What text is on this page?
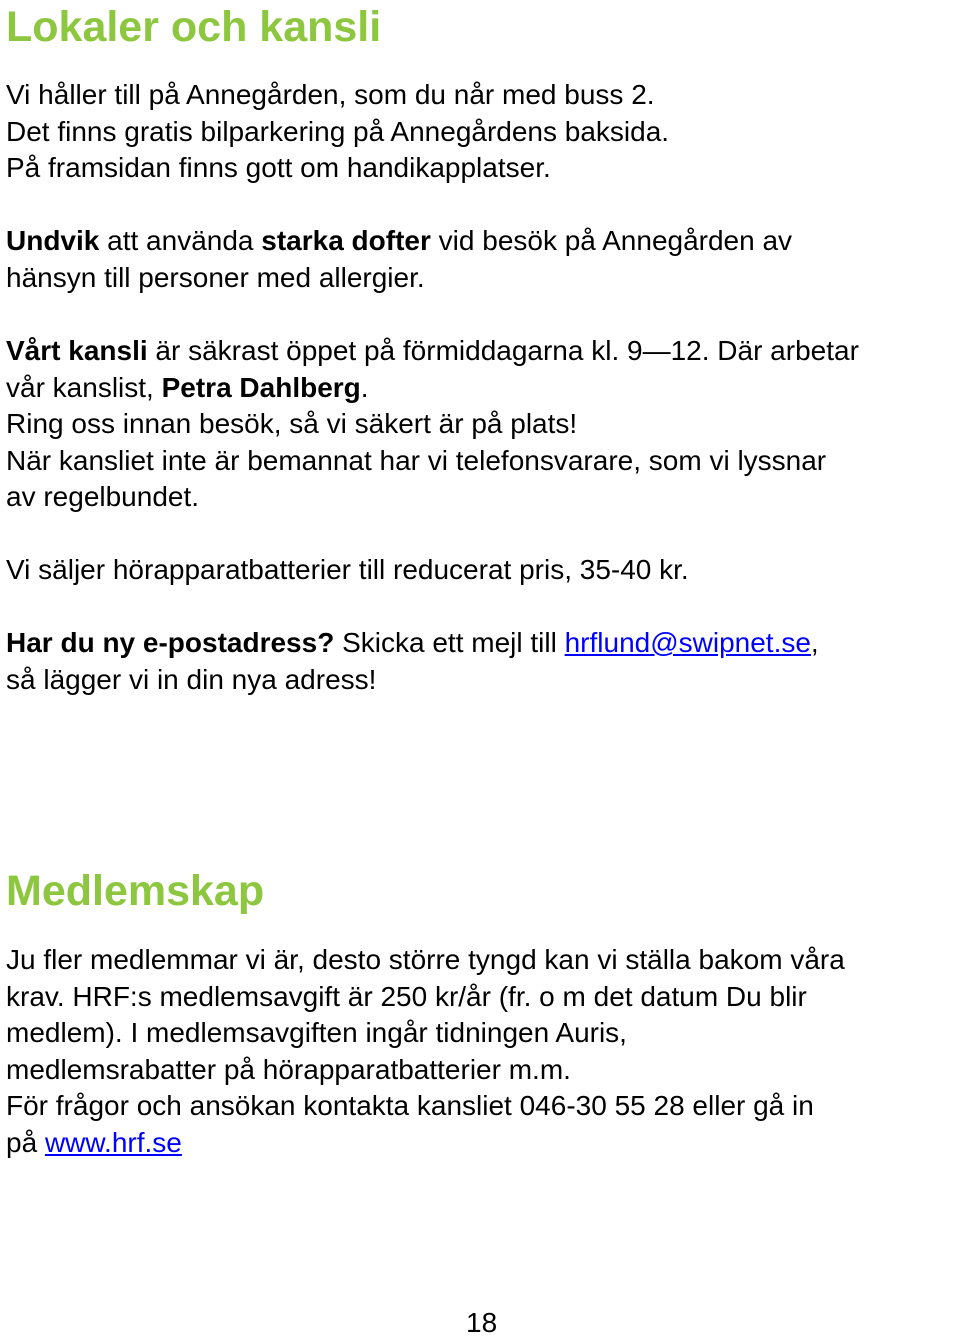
Lokaler och kansli
Vi håller till på Annegården, som du når med buss 2.
Det finns gratis bilparkering på Annegårdens baksida.
På framsidan finns gott om handikapplatser.
Undvik att använda starka dofter vid besök på Annegården av
hänsyn till personer med allergier.
Vårt kansli är säkrast öppet på förmiddagarna kl. 9—12. Där arbetar
vår kanslist, Petra Dahlberg.
Ring oss innan besök, så vi säkert är på plats!
När kansliet inte är bemannat har vi telefonsvarare, som vi lyssnar
av regelbundet.
Vi säljer hörapparatbatterier till reducerat pris, 35-40 kr.
Har du ny e-postadress? Skicka ett mejl till hrflund@swipnet.se,
så lägger vi in din nya adress!
Medlemskap
Ju fler medlemmar vi är, desto större tyngd kan vi ställa bakom våra
krav. HRF:s medlemsavgift är 250 kr/år (fr. o m det datum Du blir
medlem). I medlemsavgiften ingår tidningen Auris,
medlemsrabatter på hörapparatbatterier m.m.
För frågor och ansökan kontakta kansliet 046-30 55 28 eller gå in
på www.hrf.se
18
